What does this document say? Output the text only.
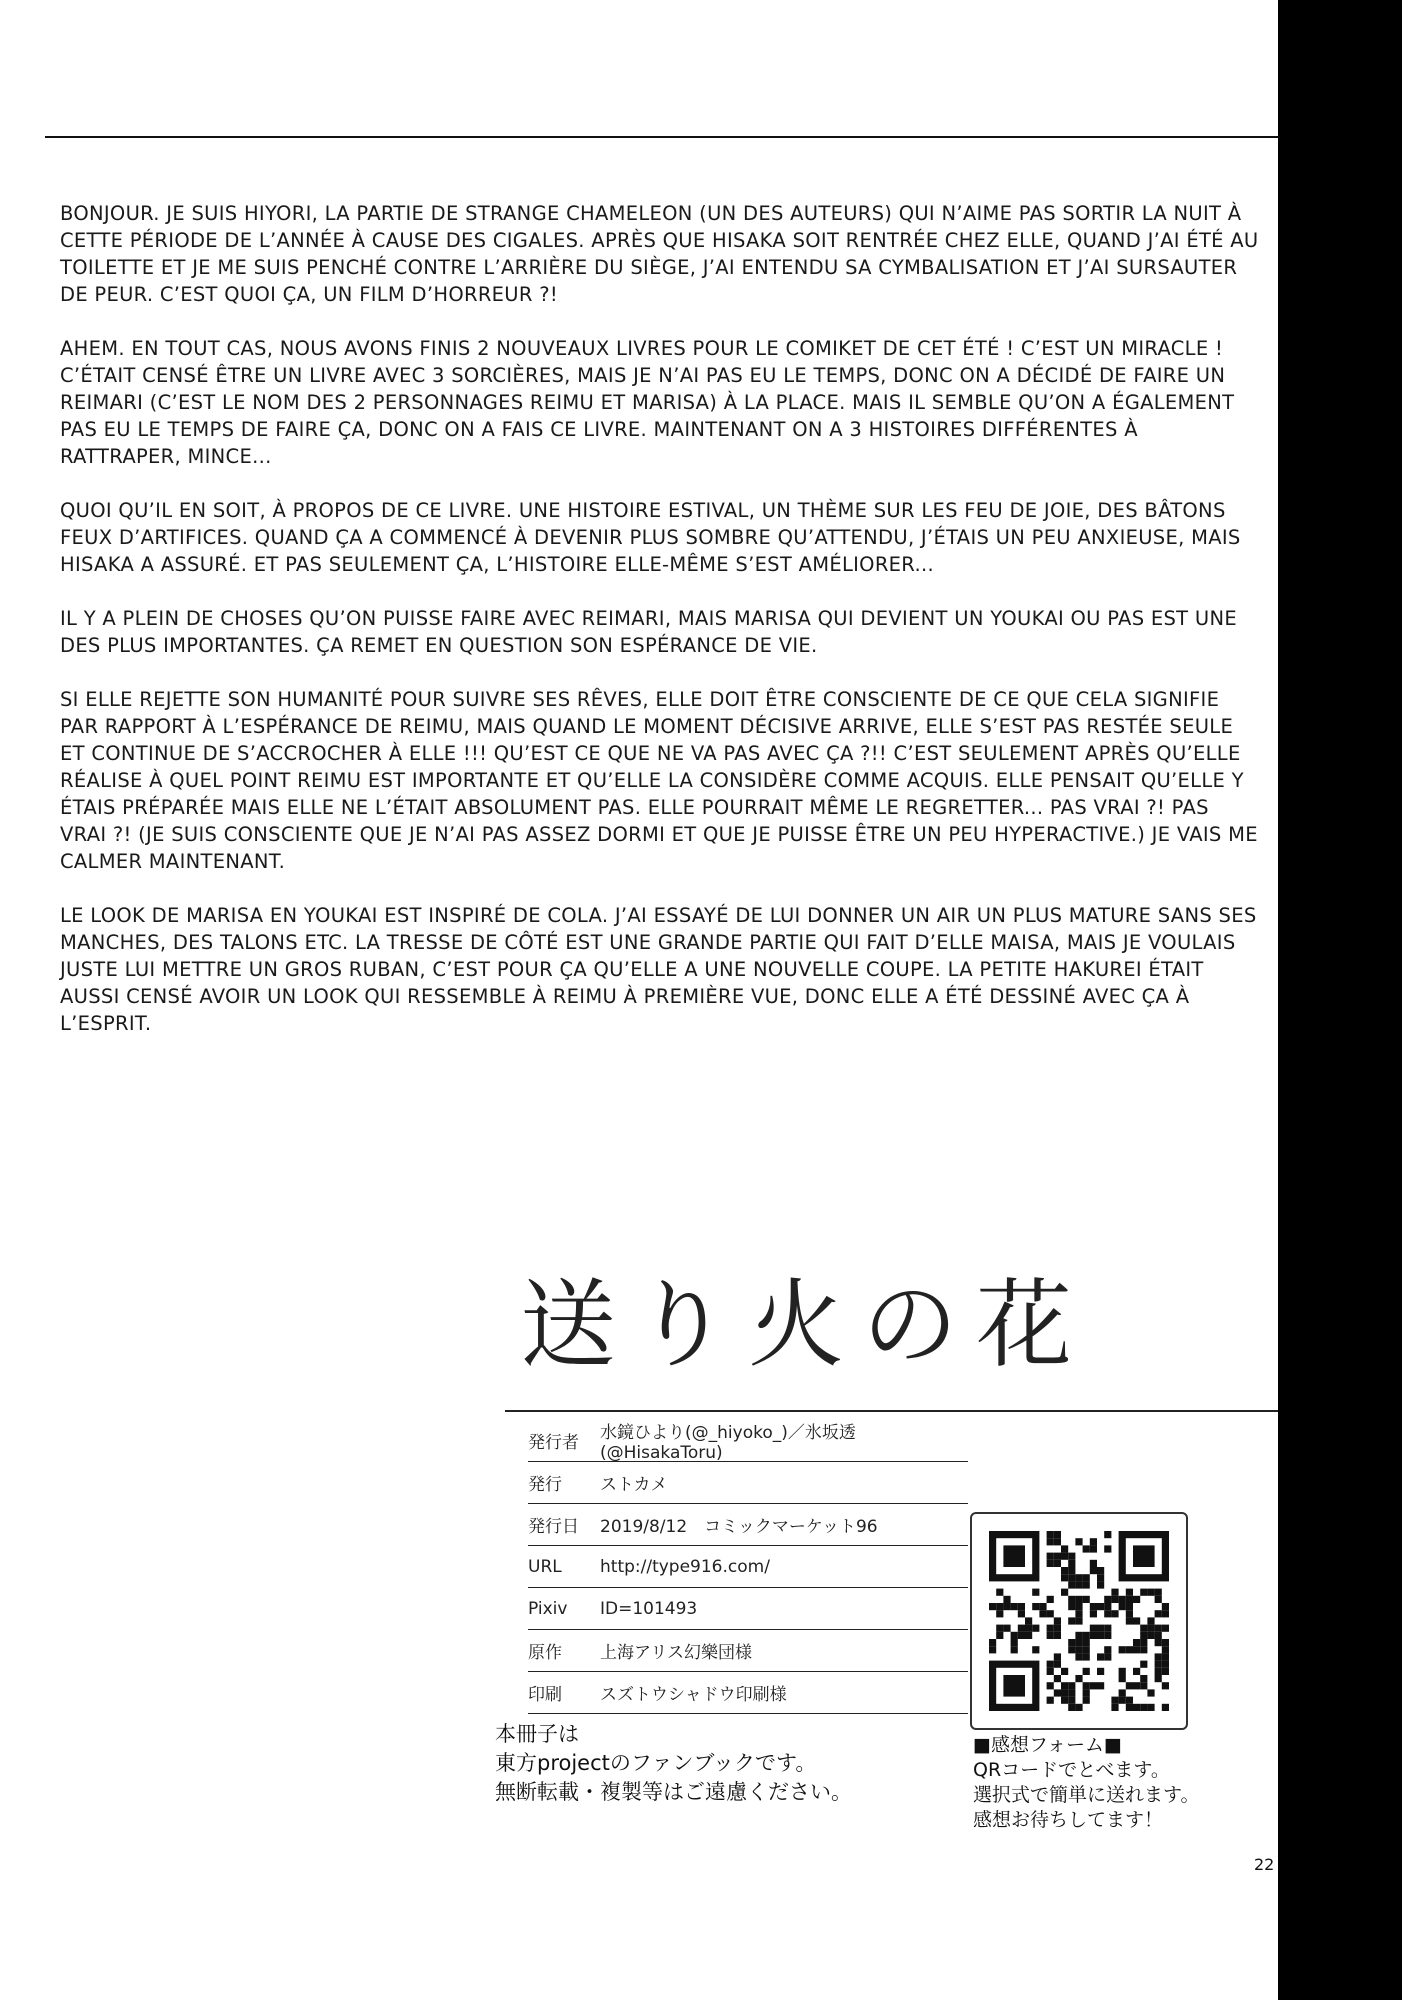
BONJOUR. JE SUIS HIYORI, LA PARTIE DE STRANGE CHAMELEON (UN DES AUTEURS) QUI N’AIME PAS SORTIR LA NUIT À CETTE PÉRIODE DE L’ANNÉE À CAUSE DES CIGALES. APRÈS QUE HISAKA SOIT RENTRÉE CHEZ ELLE, QUAND J’AI ÉTÉ AU TOILETTE ET JE ME SUIS PENCHÉ CONTRE L’ARRIÈRE DU SIÈGE, J’AI ENTENDU SA CYMBALISATION ET J’AI SURSAUTER DE PEUR. C’EST QUOI ÇA, UN FILM D’HORREUR ?!

AHEM. EN TOUT CAS, NOUS AVONS FINIS 2 NOUVEAUX LIVRES POUR LE COMIKET DE CET ÉTÉ ! C’EST UN MIRACLE ! C’ÉTAIT CENSÉ ÊTRE UN LIVRE AVEC 3 SORCIÈRES, MAIS JE N’AI PAS EU LE TEMPS, DONC ON A DÉCIDÉ DE FAIRE UN REIMARI (C’EST LE NOM DES 2 PERSONNAGES REIMU ET MARISA) À LA PLACE. MAIS IL SEMBLE QU’ON A ÉGALEMENT PAS EU LE TEMPS DE FAIRE ÇA, DONC ON A FAIS CE LIVRE. MAINTENANT ON A 3 HISTOIRES DIFFÉRENTES À RATTRAPER, MINCE...

QUOI QU’IL EN SOIT, À PROPOS DE CE LIVRE. UNE HISTOIRE ESTIVAL, UN THÈME SUR LES FEU DE JOIE, DES BÂTONS FEUX D’ARTIFICES. QUAND ÇA A COMMENCÉ À DEVENIR PLUS SOMBRE QU’ATTENDU, J’ÉTAIS UN PEU ANXIEUSE, MAIS HISAKA A ASSURÉ. ET PAS SEULEMENT ÇA, L’HISTOIRE ELLE-MÊME S’EST AMÉLIORER...

IL Y A PLEIN DE CHOSES QU’ON PUISSE FAIRE AVEC REIMARI, MAIS MARISA QUI DEVIENT UN YOUKAI OU PAS EST UNE DES PLUS IMPORTANTES. ÇA REMET EN QUESTION SON ESPÉRANCE DE VIE.

SI ELLE REJETTE SON HUMANITÉ POUR SUIVRE SES RÊVES, ELLE DOIT ÊTRE CONSCIENTE DE CE QUE CELA SIGNIFIE PAR RAPPORT À L’ESPÉRANCE DE REIMU, MAIS QUAND LE MOMENT DÉCISIVE ARRIVE, ELLE S’EST PAS RESTÉE SEULE ET CONTINUE DE S’ACCROCHER À ELLE !!! QU’EST CE QUE NE VA PAS AVEC ÇA ?!! C’EST SEULEMENT APRÈS QU’ELLE RÉALISE À QUEL POINT REIMU EST IMPORTANTE ET QU’ELLE LA CONSIDÈRE COMME ACQUIS. ELLE PENSAIT QU’ELLE Y ÉTAIS PRÉPARÉE MAIS ELLE NE L’ÉTAIT ABSOLUMENT PAS. ELLE POURRAIT MÊME LE REGRETTER... PAS VRAI ?! PAS VRAI ?! (JE SUIS CONSCIENTE QUE JE N’AI PAS ASSEZ DORMI ET QUE JE PUISSE ÊTRE UN PEU HYPERACTIVE.) JE VAIS ME CALMER MAINTENANT.

LE LOOK DE MARISA EN YOUKAI EST INSPIRÉ DE COLA. J’AI ESSAYÉ DE LUI DONNER UN AIR UN PLUS MATURE SANS SES MANCHES, DES TALONS ETC. LA TRESSE DE CÔTÉ EST UNE GRANDE PARTIE QUI FAIT D’ELLE MAISA, MAIS JE VOULAIS JUSTE LUI METTRE UN GROS RUBAN, C’EST POUR ÇA QU’ELLE A UNE NOUVELLE COUPE. LA PETITE HAKUREI ÉTAIT AUSSI CENSÉ AVOIR UN LOOK QUI RESSEMBLE À REIMU À PREMIÈRE VUE, DONC ELLE A ÉTÉ DESSINÉ AVEC ÇA À L’ESPRIT.

送り火の花
発行者	水鏡ひより(@_hiyoko_)／氷坂透(@HisakaToru)
発行	ストカメ
発行日	2019/8/12　コミックマーケット96
URL	http://type916.com/
Pixiv	ID=101493
原作	上海アリス幻樂団様
印刷	スズトウシャドウ印刷様
本冊子は
東方projectのファンブックです。
無断転載・複製等はご遠慮ください。
■感想フォーム■
QRコードでとべます。
選択式で簡単に送れます。
感想お待ちしてます！
22
